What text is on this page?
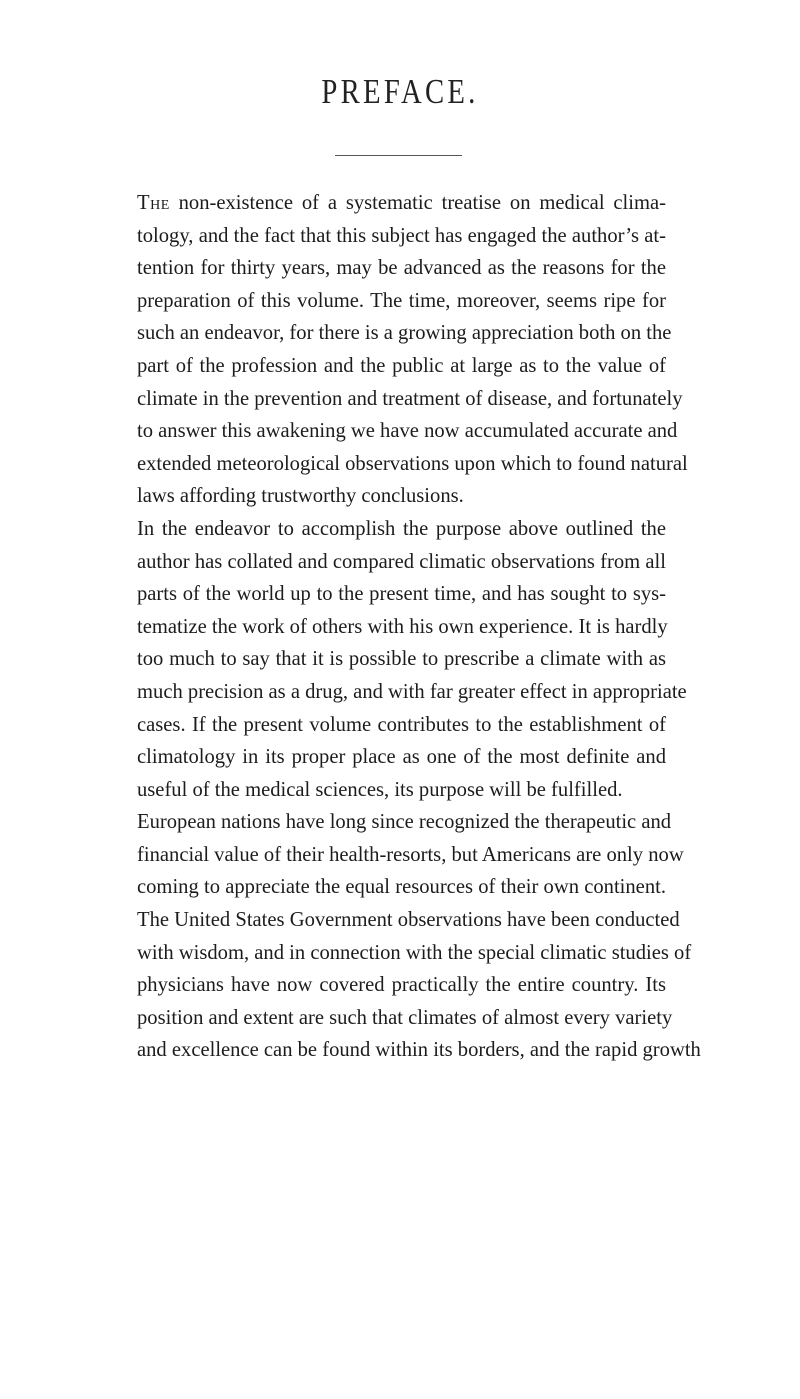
PREFACE.
The non-existence of a systematic treatise on medical clima-
tology, and the fact that this subject has engaged the author’s at-
tention for thirty years, may be advanced as the reasons for the
preparation of this volume. The time, moreover, seems ripe for
such an endeavor, for there is a growing appreciation both on the
part of the profession and the public at large as to the value of
climate in the prevention and treatment of disease, and fortunately
to answer this awakening we have now accumulated accurate and
extended meteorological observations upon which to found natural
laws affording trustworthy conclusions.
In the endeavor to accomplish the purpose above outlined the
author has collated and compared climatic observations from all
parts of the world up to the present time, and has sought to sys-
tematize the work of others with his own experience. It is hardly
too much to say that it is possible to prescribe a climate with as
much precision as a drug, and with far greater effect in appropriate
cases. If the present volume contributes to the establishment of
climatology in its proper place as one of the most definite and
useful of the medical sciences, its purpose will be fulfilled.
European nations have long since recognized the therapeutic and
financial value of their health-resorts, but Americans are only now
coming to appreciate the equal resources of their own continent.
The United States Government observations have been conducted
with wisdom, and in connection with the special climatic studies of
physicians have now covered practically the entire country. Its
position and extent are such that climates of almost every variety
and excellence can be found within its borders, and the rapid growth
